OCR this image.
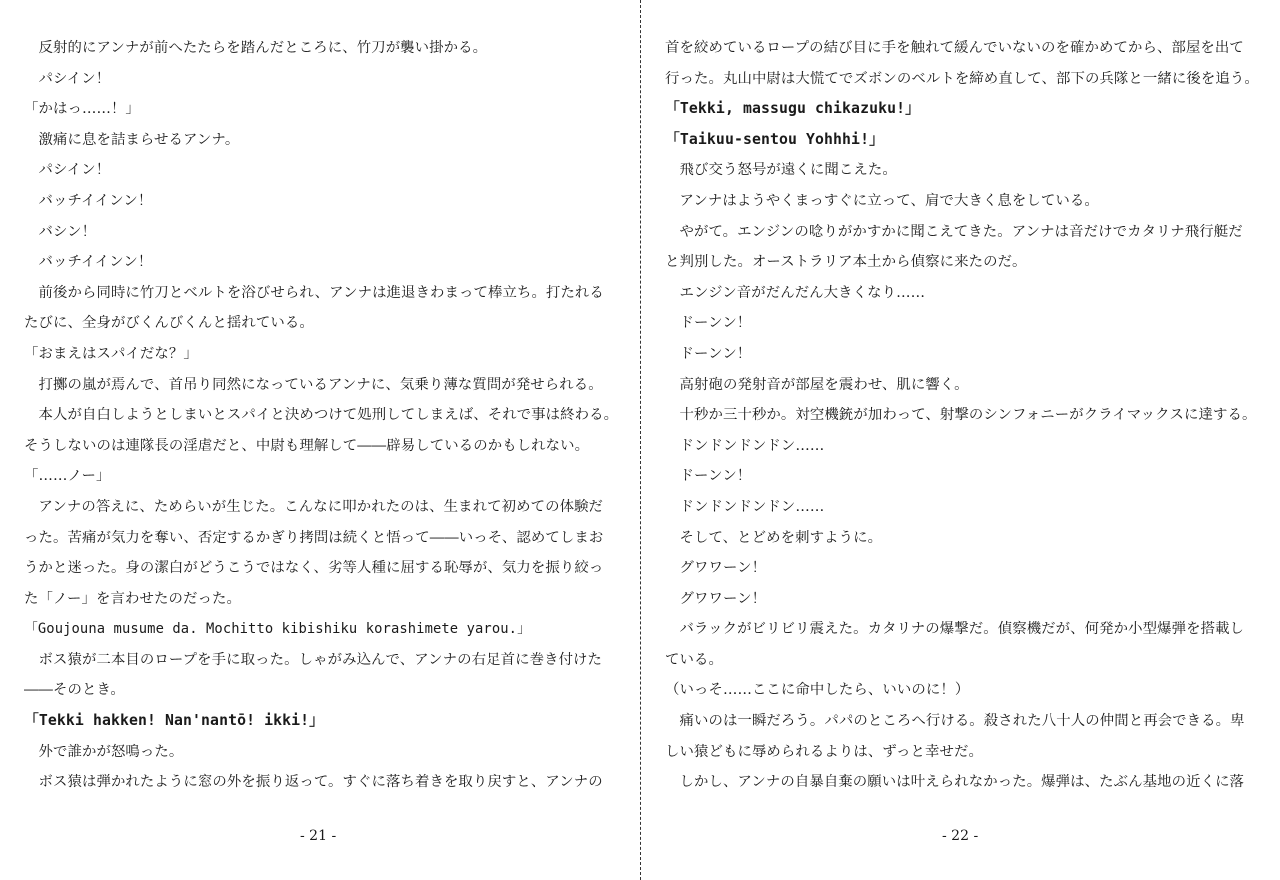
　反射的にアンナが前へたたらを踏んだところに、竹刀が襲い掛かる。
　パシイン！
「かはっ……！」
　激痛に息を詰まらせるアンナ。
　パシイン！
　バッチイインン！
　バシン！
　バッチイインン！
　前後から同時に竹刀とベルトを浴びせられ、アンナは進退きわまって棒立ち。打たれる
たびに、全身がびくんびくんと揺れている。
「おまえはスパイだな？」
　打擲の嵐が焉んで、首吊り同然になっているアンナに、気乗り薄な質問が発せられる。
　本人が自白しようとしまいとスパイと決めつけて処刑してしまえば、それで事は終わる。
そうしないのは連隊長の淫虐だと、中尉も理解して――辟易しているのかもしれない。
「……ノー」
　アンナの答えに、ためらいが生じた。こんなに叩かれたのは、生まれて初めての体験だ
った。苦痛が気力を奪い、否定するかぎり拷問は続くと悟って――いっそ、認めてしまお
うかと迷った。身の潔白がどうこうではなく、劣等人種に屈する恥辱が、気力を振り絞っ
た「ノー」を言わせたのだった。
「Goujouna musume da. Mochitto kibishiku korashimete yarou.」
　ボス猿が二本目のロープを手に取った。しゃがみ込んで、アンナの右足首に巻き付けた
――そのとき。
「Tekki hakken! Nan'nantō! ikki!」
　外で誰かが怒鳴った。
　ボス猿は弾かれたように窓の外を振り返って。すぐに落ち着きを取り戻すと、アンナの
首を絞めているロープの結び目に手を触れて緩んでいないのを確かめてから、部屋を出て
行った。丸山中尉は大慌てでズボンのベルトを締め直して、部下の兵隊と一緒に後を追う。
「Tekki, massugu chikazuku!」
「Taikuu-sentou Yohhhi!」
　飛び交う怒号が遠くに聞こえた。
　アンナはようやくまっすぐに立って、肩で大きく息をしている。
　やがて。エンジンの唸りがかすかに聞こえてきた。アンナは音だけでカタリナ飛行艇だ
と判別した。オーストラリア本土から偵察に来たのだ。
　エンジン音がだんだん大きくなり……
　ドーンン！
　ドーンン！
　高射砲の発射音が部屋を震わせ、肌に響く。
　十秒か三十秒か。対空機銃が加わって、射撃のシンフォニーがクライマックスに達する。
　ドンドンドンドン……
　ドーンン！
　ドンドンドンドン……
　そして、とどめを刺すように。
　グワワーン！
　グワワーン！
　バラックがビリビリ震えた。カタリナの爆撃だ。偵察機だが、何発か小型爆弾を搭載し
ている。
（いっそ……ここに命中したら、いいのに！）
　痛いのは一瞬だろう。パパのところへ行ける。殺された八十人の仲間と再会できる。卑
しい猿どもに辱められるよりは、ずっと幸せだ。
　しかし、アンナの自暴自棄の願いは叶えられなかった。爆弾は、たぶん基地の近くに落
- 21 -	- 22 -
